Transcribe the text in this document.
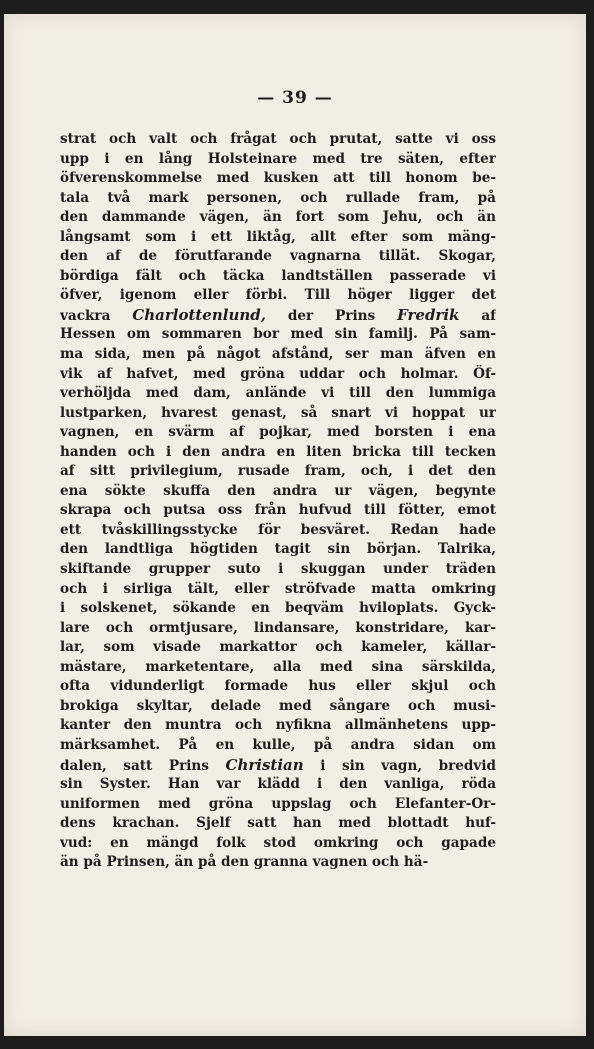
— 39 —
strat och valt och frågat och prutat, satte vi oss
upp i en lång Holsteinare med tre säten, efter
öfverenskommelse med kusken att till honom be-
tala två mark personen, och rullade fram, på
den dammande vägen, än fort som Jehu, och än
långsamt som i ett liktåg, allt efter som mäng-
den af de förutfarande vagnarna tillät. Skogar,
bördiga fält och täcka landtställen passerade vi
öfver, igenom eller förbi. Till höger ligger det
vackra Charlottenlund, der Prins Fredrik af
Hessen om sommaren bor med sin familj. På sam-
ma sida, men på något afstånd, ser man äfven en
vik af hafvet, med gröna uddar och holmar. Öf-
verhöljda med dam, anlände vi till den lummiga
lustparken, hvarest genast, så snart vi hoppat ur
vagnen, en svärm af pojkar, med borsten i ena
handen och i den andra en liten bricka till tecken
af sitt privilegium, rusade fram, och, i det den
ena sökte skuffa den andra ur vägen, begynte
skrapa och putsa oss från hufvud till fötter, emot
ett tvåskillingsstycke för besväret. Redan hade
den landtliga högtiden tagit sin början. Talrika,
skiftande grupper suto i skuggan under träden
och i sirliga tält, eller ströfvade matta omkring
i solskenet, sökande en beqväm hviloplats. Gyck-
lare och ormtjusare, lindansare, konstridare, kar-
lar, som visade markattor och kameler, källar-
mästare, marketentare, alla med sina särskilda,
ofta vidunderligt formade hus eller skjul och
brokiga skyltar, delade med sångare och musi-
kanter den muntra och nyfikna allmänhetens upp-
märksamhet. På en kulle, på andra sidan om
dalen, satt Prins Christian i sin vagn, bredvid
sin Syster. Han var klädd i den vanliga, röda
uniformen med gröna uppslag och Elefanter-Or-
dens krachan. Sjelf satt han med blottadt huf-
vud: en mängd folk stod omkring och gapade
än på Prinsen, än på den granna vagnen och hä-
